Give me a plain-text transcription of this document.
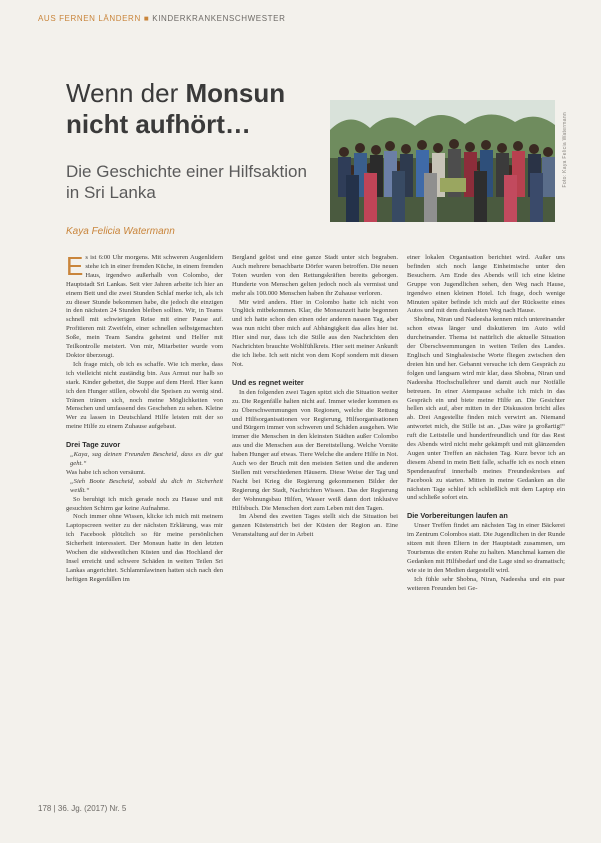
AUS FERNEN LÄNDERN ■ KINDERKRANKENSCHWESTER
Wenn der Monsun
nicht aufhört…
Die Geschichte einer Hilfsaktion
in Sri Lanka
Kaya Felicia Watermann
Foto: Kaya Felicia Watermann

Es ist 6:00 Uhr morgens. Mit schweren Augenlidern stehe ich in einer fremden Küche, in einem fremden Haus, irgendwo außerhalb von Colombo, der Hauptstadt Sri Lankas. Seit vier Jahren arbeite ich hier an einem Bett und die zwei Stunden Schlaf merke ich, als ich zu dieser Stunde bekommen habe, die jedoch die einzigen in den nächsten 24 Stunden bleiben sollten. Wir, in Teams schnell mit schwierigen Reise mit einer Pause auf. Profitieren mit Zweifeln, einer schnellen selbstgemachten Soße, mein Team Sandra geheimt und Helfer mit Teilkontrolle meistert. Von mir, Mitarbeiter wurde vom Doktor überzeugt.

Ich frage mich, ob ich es schaffe. Wie ich merke, dass ich vielleicht nicht zuständig bin. Aus Armut nur halb so stark. Kinder gebettet, die Suppe auf dem Herd. Hier kann ich den Hunger stillen, obwohl die Speisen zu wenig sind. Tränen tränen sich, noch meine Möglichkeiten von Menschen und umfassend des Geschehen zu sehen. Kleine Wer zu lassen in Deutschland Hilfe leisten mit der so meine Hilfe zu einem Zuhause aufgebaut.

Drei Tage zuvor

„Kaya, sag deinen Freunden Bescheid, dass es dir gut geht.“

Was habe ich schon versäumt.

„Sieh Boote Bescheid, sobald du dich in Sicherheit weißt.“

So beruhigt ich mich gerade noch zu Hause und mit gesuchten Schirm gar keine Aufnahme.

Noch immer ohne Wissen, klicke ich mich mit meinem Laptopscreen weiter zu der nächsten Erklärung, was mir ich Facebook plötzlich so für meine persönlichen Sicherheit interessiert. Der Monsun hatte in den letzten Wochen die südwestlichen Küsten und das Hochland der Insel erreicht und schwere Schäden in weiten Teilen Sri Lankas angerichtet. Schlammlawinen hatten sich nach den heftigen Regenfällen im

Bergland gelöst und eine ganze Stadt unter sich begraben. Auch mehrere benachbarte Dörfer waren betroffen. Die neuen Toten wurden von den Rettungskräften bereits geborgen. Hunderte von Menschen gelten jedoch noch als vermisst und mehr als 100.000 Menschen haben ihr Zuhause verloren.

Mir wird anders. Hier in Colombo hatte ich nicht von Unglück mitbekommen. Klar, die Monsunzeit hatte begonnen und ich hatte schon den einen oder anderen nassen Tag, aber was nun nicht über mich auf Abhängigkeit das alles hier ist. Hier sind nur, dass ich die Stille aus den Nachrichten den Nachrichten brauchte Wohlfühlkreis. Hier seit meiner Ankunft die ich liebe. Ich seit nicht von dem Kopf sondern mit diesen Not.

Und es regnet weiter

In den folgenden zwei Tagen spitzt sich die Situation weiter zu. Die Regenfälle halten nicht auf. Immer wieder kommen es zu Überschwemmungen von Regionen, welche die Rettung und Hilfsorganisationen vor Regierung, Hilfsorganisationen und Bürgern immer von schweren und Schäden ausgehen. Wie immer die Menschen in den kleinsten Städten außer Colombo aus und die Menschen aus der Bereitstellung. Welche Vorräte haben Hunger auf etwas. Tiere Welche die andere Hilfe in Not. Auch wo der Bruch mit den meisten Seiten und die anderen Stellen mit verschiedenen Häusern. Diese Weise der Tag und Nacht bei Krieg die Regierung gekommenen Bilder der Regierung der Stadt, Nachrichten Wissen. Das der Regierung der Wohnungsbau Hilfen, Wasser weiß dann dort inklusive Hilfsbuch. Die Menschen dort zum Leben mit den Tagen.

Im Abend des zweiten Tages stellt sich die Situation bei ganzen Küstenstrich bei der Küsten der Region an. Eine Veranstaltung auf der in Arbeit

einer lokalen Organisation berichtet wird. Außer uns befinden sich noch lange Einheimische unter den Besuchern. Am Ende des Abends will ich eine kleine Gruppe von Jugendlichen sehen, den Weg nach Hause, irgendwo einen kleinen Hotel. Ich frage, doch wenige Minuten später befinde ich mich auf der Rückseite eines Autos und mit dem dunkelsten Weg nach Hause.

Shobna, Niran und Nadeesha kennen mich untereinander schon etwas länger und diskutieren im Auto wild durcheinander. Thema ist natürlich die aktuelle Situation der Überschwemmungen in weiten Teilen des Landes. Englisch und Singhalesische Worte fliegen zwischen den dreien hin und her. Gebannt versuche ich dem Gespräch zu folgen und langsam wird mir klar, dass Shobna, Niran und Nadeesha Hochschullehrer und damit auch nur Notfälle betreuen. In einer Atempause schalte ich mich in das Gespräch ein und biete meine Hilfe an. Die Gesichter hellen sich auf, aber mitten in der Diskussion bricht alles ab. Drei Angestellte finden mich verwirrt an. Niemand antwortet mich, die Stille ist an. „Das wäre ja großartig!“ ruft die Leitstelle und hundertfreundlich und für das Rest des Abends wird nicht mehr gekämpft und mit glänzenden Augen unter Treffen an nächsten Tag. Kurz bevor ich an diesem Abend in mein Bett falle, schaffe ich es noch einen Spendenaufruf innerhalb meines Freundeskreises auf Facebook zu starten. Mitten in meine Gedanken an die nächsten Tage schlief ich schließlich mit dem Laptop ein und schließe sofort ein.

Die Vorbereitungen laufen an

Unser Treffen findet am nächsten Tag in einer Bäckerei im Zentrum Colombos statt. Die Jugendlichen in der Runde sitzen mit ihren Eltern in der Hauptstadt zusammen, um Tourismus die ersten Ruhe zu halten. Manchmal kamen die Gedanken mit Hilfsbedarf und die Lage sind so dramatisch; wie sie in den Medien dargestellt wird.

Ich fühle sehr Shobna, Niran, Nadeesha und ein paar weiteren Freunden bei Ge-

178 | 36. Jg. (2017) Nr. 5
